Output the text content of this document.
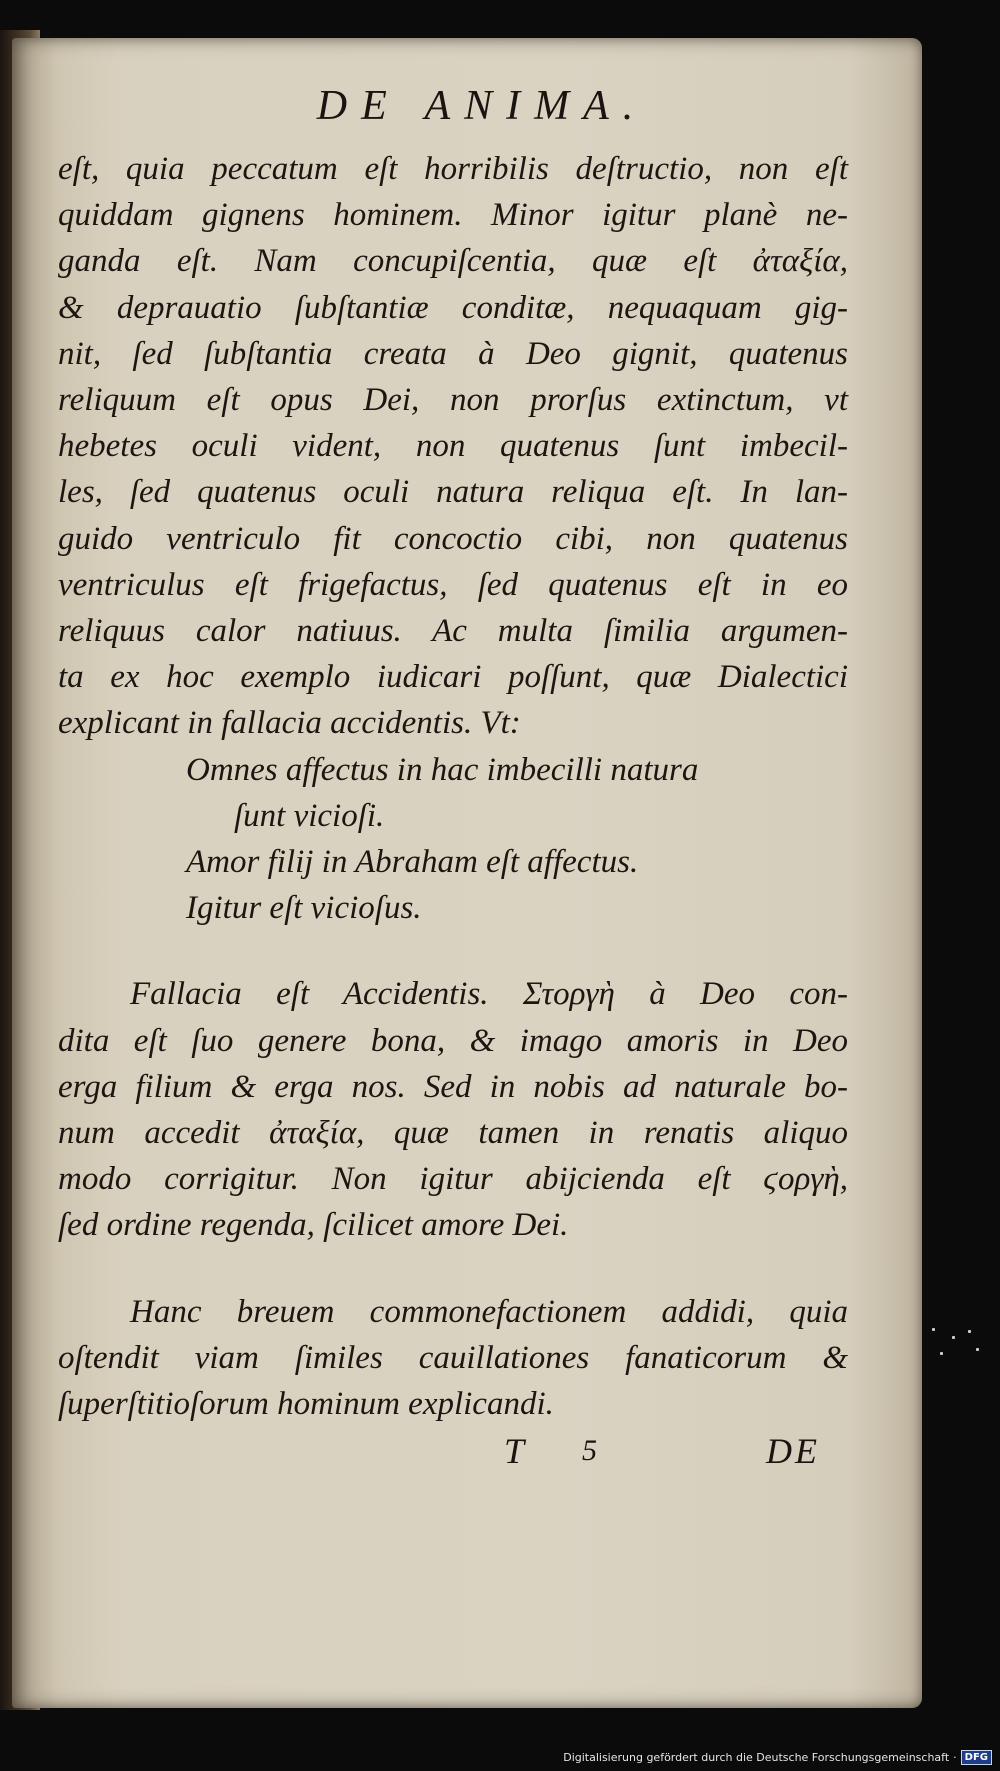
DE ANIMA.
eſt, quia peccatum eſt horribilis deſtructio, non eſt
quiddam gignens hominem. Minor igitur planè ne-
ganda eſt. Nam concupiſcentia, quæ eſt ἀταξία,
& deprauatio ſubſtantiæ conditæ, nequaquam gig-
nit, ſed ſubſtantia creata à Deo gignit, quatenus
reliquum eſt opus Dei, non prorſus extinctum, vt
hebetes oculi vident, non quatenus ſunt imbecil-
les, ſed quatenus oculi natura reliqua eſt. In lan-
guido ventriculo fit concoctio cibi, non quatenus
ventriculus eſt frigefactus, ſed quatenus eſt in eo
reliquus calor natiuus. Ac multa ſimilia argumen-
ta ex hoc exemplo iudicari poſſunt, quæ Dialectici
explicant in fallacia accidentis. Vt:
Omnes affectus in hac imbecilli natura
ſunt vicioſi.
Amor filij in Abraham eſt affectus.
Igitur eſt vicioſus.
Fallacia eſt Accidentis. Στοργὴ à Deo con-
dita eſt ſuo genere bona, & imago amoris in Deo
erga filium & erga nos. Sed in nobis ad naturale bo-
num accedit ἀταξία, quæ tamen in renatis aliquo
modo corrigitur. Non igitur abijcienda eſt ϛοργὴ,
ſed ordine regenda, ſcilicet amore Dei.
Hanc breuem commonefactionem addidi, quia
oſtendit viam ſimiles cauillationes fanaticorum &
ſuperſtitioſorum hominum explicandi.
T 5	DE
Digitalisierung gefördert durch die Deutsche Forschungsgemeinschaft · DFG
